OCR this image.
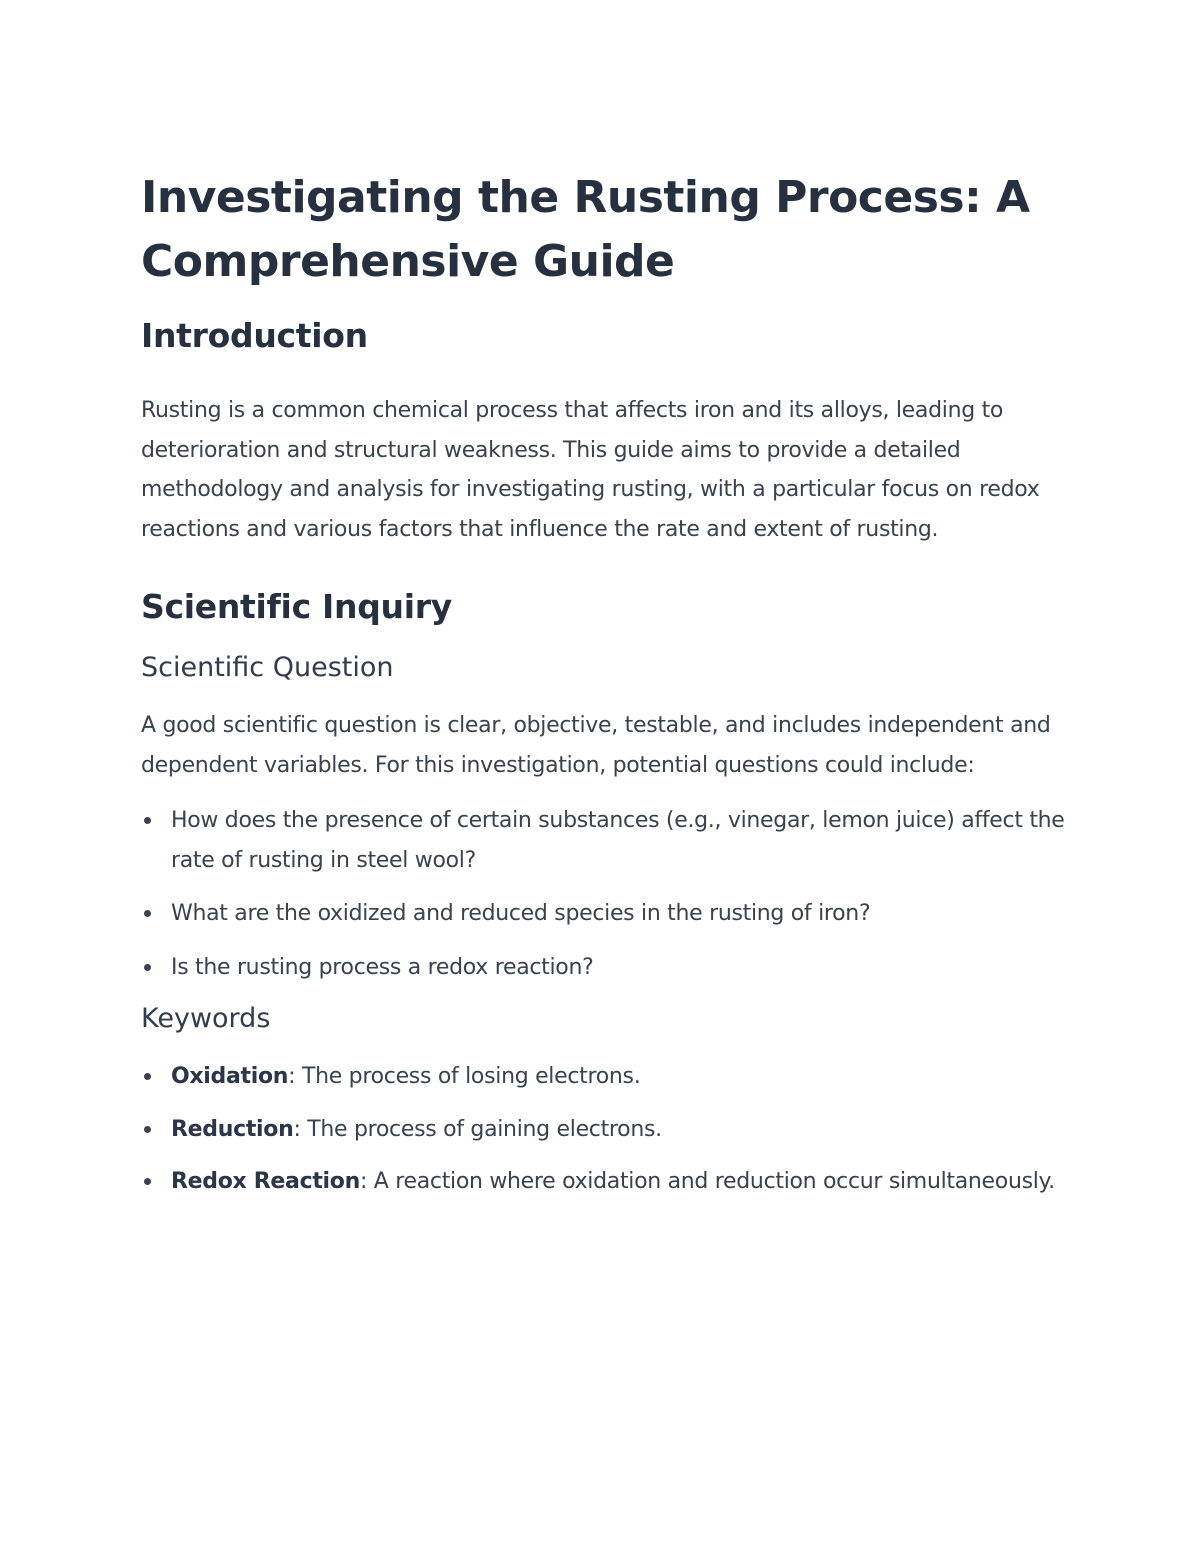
Investigating the Rusting Process: A Comprehensive Guide
Introduction

Rusting is a common chemical process that affects iron and its alloys, leading to deterioration and structural weakness. This guide aims to provide a detailed methodology and analysis for investigating rusting, with a particular focus on redox reactions and various factors that influence the rate and extent of rusting.

Scientific Inquiry
Scientific Question

A good scientific question is clear, objective, testable, and includes independent and dependent variables. For this investigation, potential questions could include:

How does the presence of certain substances (e.g., vinegar, lemon juice) affect the rate of rusting in steel wool?
What are the oxidized and reduced species in the rusting of iron?
Is the rusting process a redox reaction?
Keywords
Oxidation: The process of losing electrons.
Reduction: The process of gaining electrons.
Redox Reaction: A reaction where oxidation and reduction occur simultaneously.
